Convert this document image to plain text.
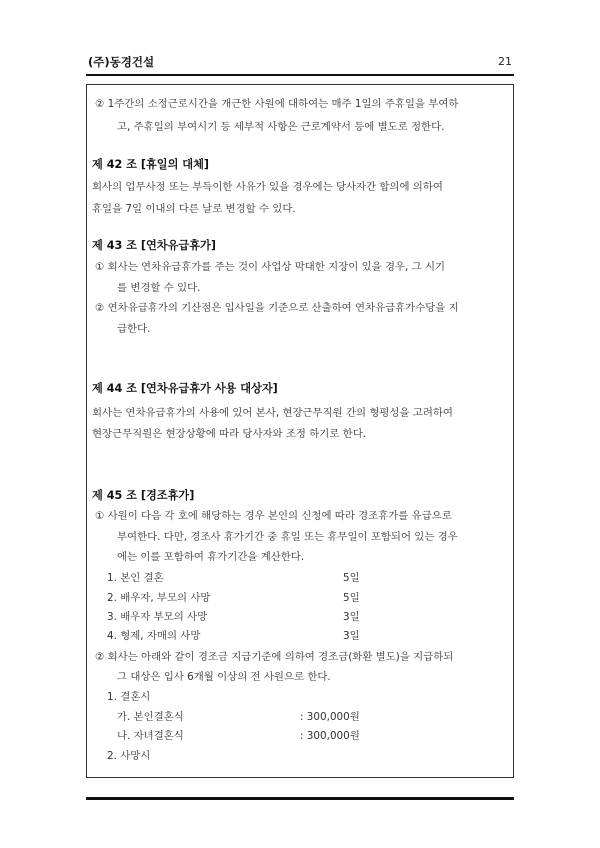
(주)동경건설	21
② 1주간의 소정근로시간을 개근한 사원에 대하여는 매주 1일의 주휴일을 부여하
고, 주휴일의 부여시기 등 세부적 사항은 근로계약서 등에 별도로 정한다.
제 42 조 [휴일의 대체]
회사의 업무사정 또는 부득이한 사유가 있을 경우에는 당사자간 합의에 의하여
휴일을 7일 이내의 다른 날로 변경할 수 있다.
제 43 조 [연차유급휴가]
① 회사는 연차유급휴가를 주는 것이 사업상 막대한 지장이 있을 경우, 그 시기
를 변경할 수 있다.
② 연차유급휴가의 기산점은 입사일을 기준으로 산출하여 연차유급휴가수당을 지
급한다.
제 44 조 [연차유급휴가 사용 대상자]
회사는 연차유급휴가의 사용에 있어 본사, 현장근무직원 간의 형평성을 고려하여
현장근무직원은 현장상황에 따라 당사자와 조정 하기로 한다.
제 45 조 [경조휴가]
① 사원이 다음 각 호에 해당하는 경우 본인의 신청에 따라 경조휴가를 유급으로
부여한다. 다만, 경조사 휴가기간 중 휴일 또는 휴무일이 포함되어 있는 경우
에는 이를 포함하여 휴가기간을 계산한다.
1. 본인 결혼	5일
2. 배우자, 부모의 사망	5일
3. 배우자 부모의 사망	3일
4. 형제, 자매의 사망	3일
② 회사는 아래와 같이 경조금 지급기준에 의하여 경조금(화환 별도)을 지급하되
그 대상은 입사 6개월 이상의 전 사원으로 한다.
1. 결혼시
가. 본인결혼식	: 300,000원
나. 자녀결혼식	: 300,000원
2. 사망시
